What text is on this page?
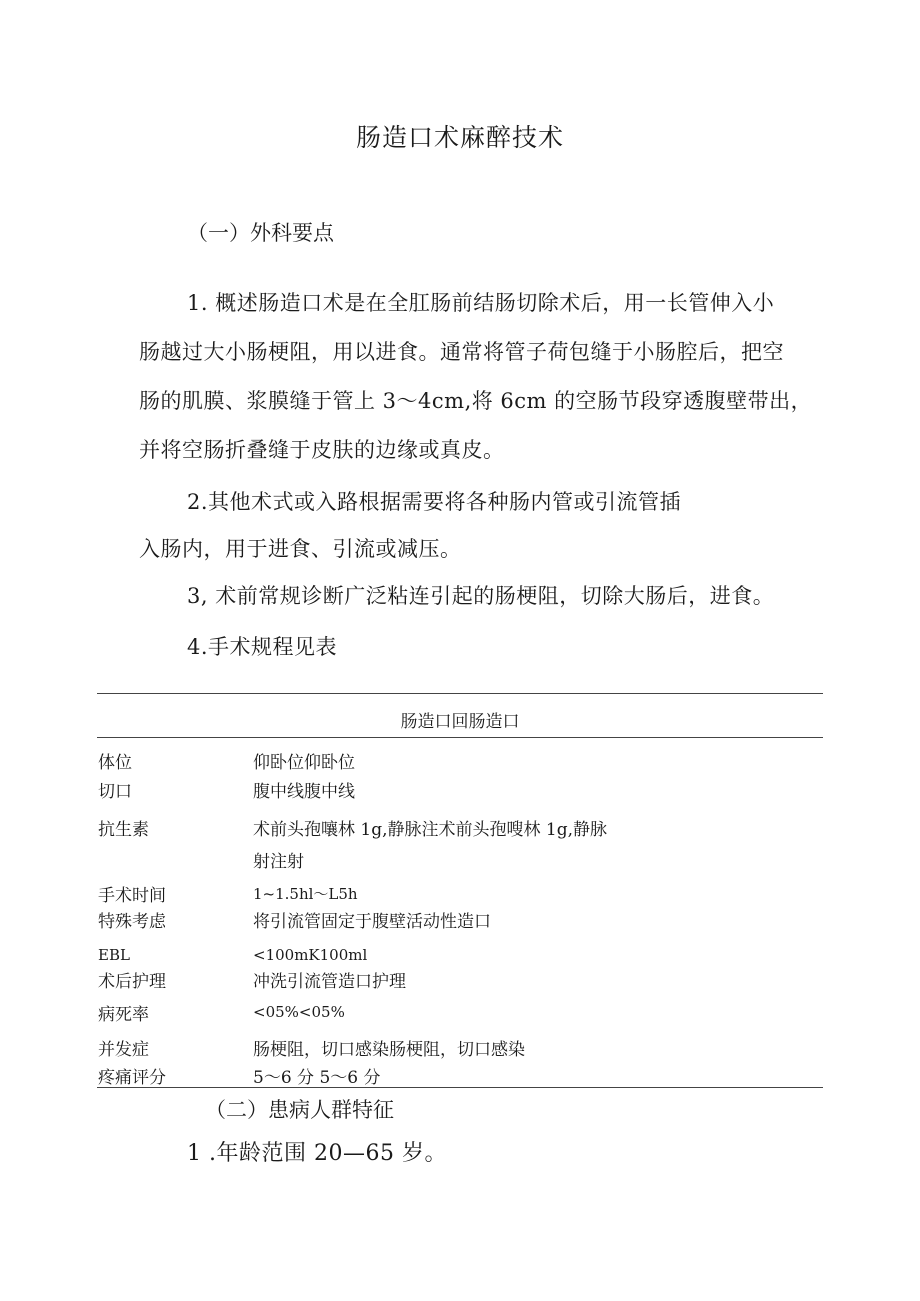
肠造口术麻醉技术
（一）外科要点
1. 概述肠造口术是在全肛肠前结肠切除术后，用一长管伸入小
肠越过大小肠梗阻，用以进食。通常将管子荷包缝于小肠腔后，把空
肠的肌膜、浆膜缝于管上 3～4cm,将 6cm 的空肠节段穿透腹壁带出，
并将空肠折叠缝于皮肤的边缘或真皮。
2.其他术式或入路根据需要将各种肠内管或引流管插
入肠内，用于进食、引流或减压。
3, 术前常规诊断广泛粘连引起的肠梗阻，切除大肠后，进食。
4.手术规程见表
肠造口回肠造口
体位	仰卧位仰卧位
切口	腹中线腹中线
抗生素	术前头孢嚷林 1g,静脉注术前头孢嗖林 1g,静脉
射注射
手术时间	1~1.5hl～L5h
特殊考虑	将引流管固定于腹壁活动性造口
EBL	<100mK100ml
术后护理	冲洗引流管造口护理
病死率	<05%<05%
并发症	肠梗阻，切口感染肠梗阻，切口感染
疼痛评分	5～6 分 5～6 分
（二）患病人群特征
1 .年龄范围 20—65 岁。
